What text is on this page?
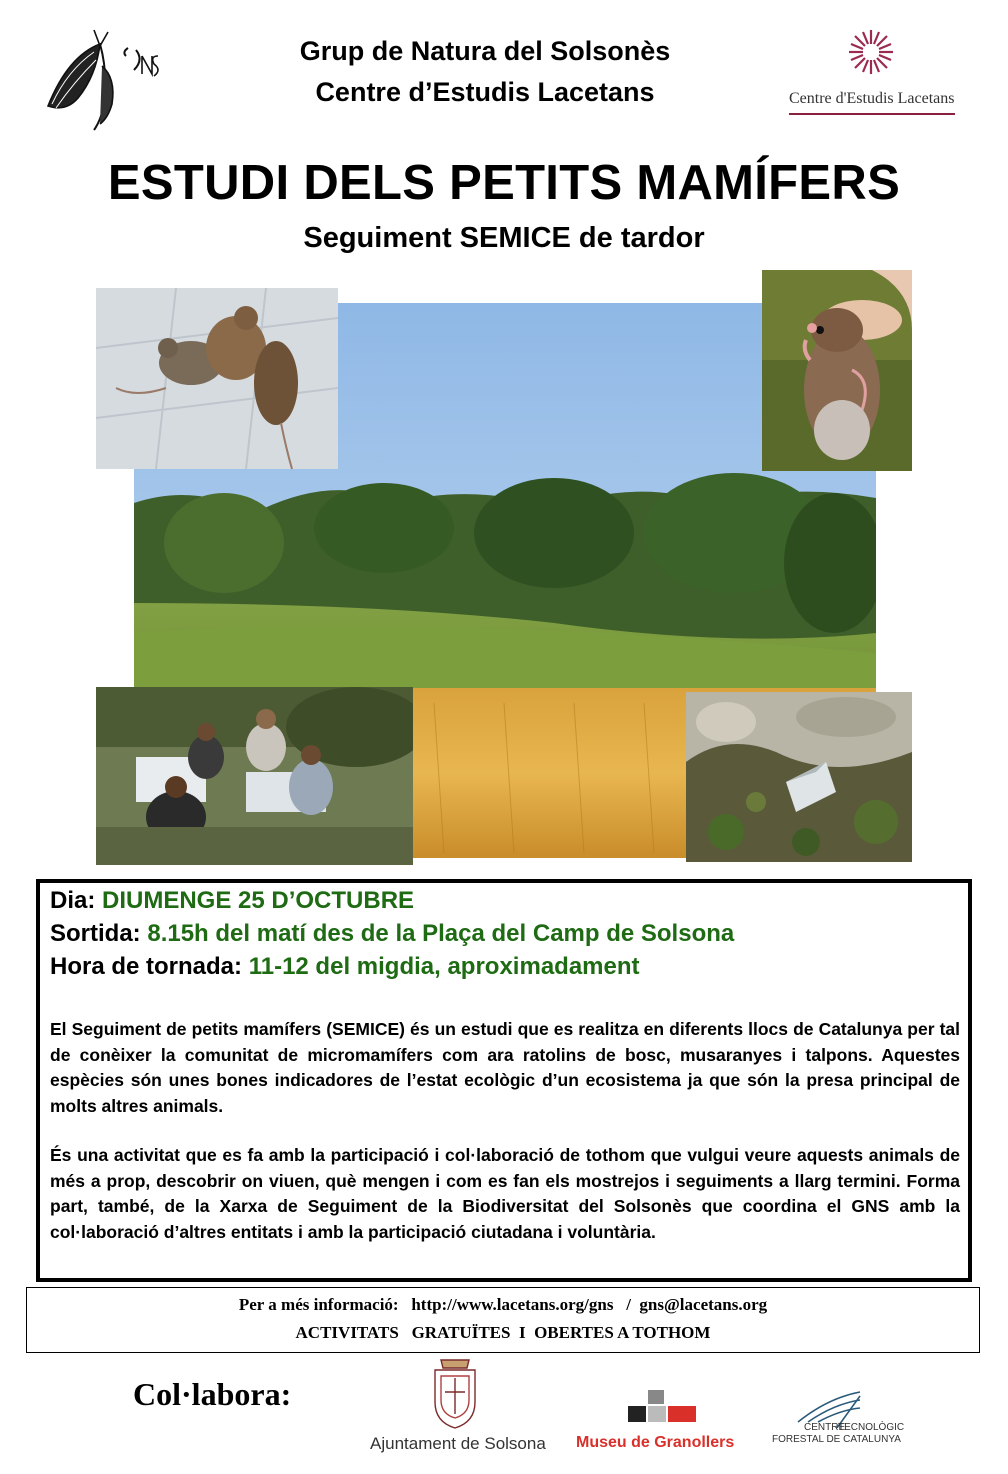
Grup de Natura del Solsonès
Centre d’Estudis Lacetans	Centre d'Estudis Lacetans
ESTUDI DELS PETITS MAMÍFERS
Seguiment SEMICE de tardor
Dia: DIUMENGE 25 D’OCTUBRE
Sortida: 8.15h del matí des de la Plaça del Camp de Solsona
Hora de tornada: 11-12 del migdia, aproximadament

El Seguiment de petits mamífers (SEMICE) és un estudi que es realitza en diferents llocs de Catalunya per tal de conèixer la comunitat de micromamífers com ara ratolins de bosc, musaranyes i talpons. Aquestes espècies són unes bones indicadores de l’estat ecològic d’un ecosistema ja que són la presa principal de molts altres animals.

És una activitat que es fa amb la participació i col·laboració de tothom que vulgui veure aquests animals de més a prop, descobrir on viuen, què mengen i com es fan els mostrejos i seguiments a llarg termini. Forma part, també, de la Xarxa de Seguiment de la Biodiversitat del Solsonès que coordina el GNS amb la col·laboració d’altres entitats i amb la participació ciutadana i voluntària.

Per a més informació:   http://www.lacetans.org/gns   /  gns@lacetans.org
ACTIVITATS   GRATUÏTES  I  OBERTES A TOTHOM
Col·labora:
Ajuntament de Solsona Museu de Granollers
CENTRE
TECNOLÒGIC
FORESTAL DE CATALUNYA
